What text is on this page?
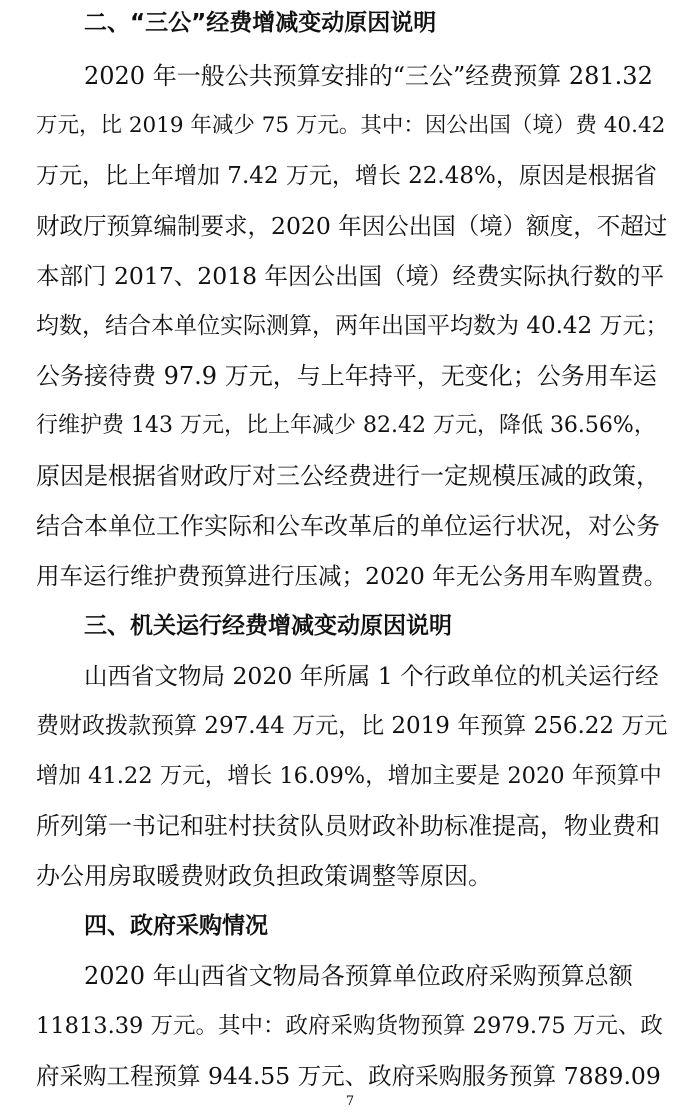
二、“三公”经费增减变动原因说明
2020 年一般公共预算安排的“三公”经费预算 281.32
万元，比 2019 年减少 75 万元。其中：因公出国（境）费 40.42
万元，比上年增加 7.42 万元，增长 22.48%，原因是根据省
财政厅预算编制要求，2020 年因公出国（境）额度，不超过
本部门 2017、2018 年因公出国（境）经费实际执行数的平
均数，结合本单位实际测算，两年出国平均数为 40.42 万元；
公务接待费 97.9 万元，与上年持平，无变化；公务用车运
行维护费 143 万元，比上年减少 82.42 万元，降低 36.56%，
原因是根据省财政厅对三公经费进行一定规模压减的政策，
结合本单位工作实际和公车改革后的单位运行状况，对公务
用车运行维护费预算进行压减；2020 年无公务用车购置费。
三、机关运行经费增减变动原因说明
山西省文物局 2020 年所属 1 个行政单位的机关运行经
费财政拨款预算 297.44 万元，比 2019 年预算 256.22 万元
增加 41.22 万元，增长 16.09%，增加主要是 2020 年预算中
所列第一书记和驻村扶贫队员财政补助标准提高，物业费和
办公用房取暖费财政负担政策调整等原因。
四、政府采购情况
2020 年山西省文物局各预算单位政府采购预算总额
11813.39 万元。其中：政府采购货物预算 2979.75 万元、政
府采购工程预算 944.55 万元、政府采购服务预算 7889.09
7
